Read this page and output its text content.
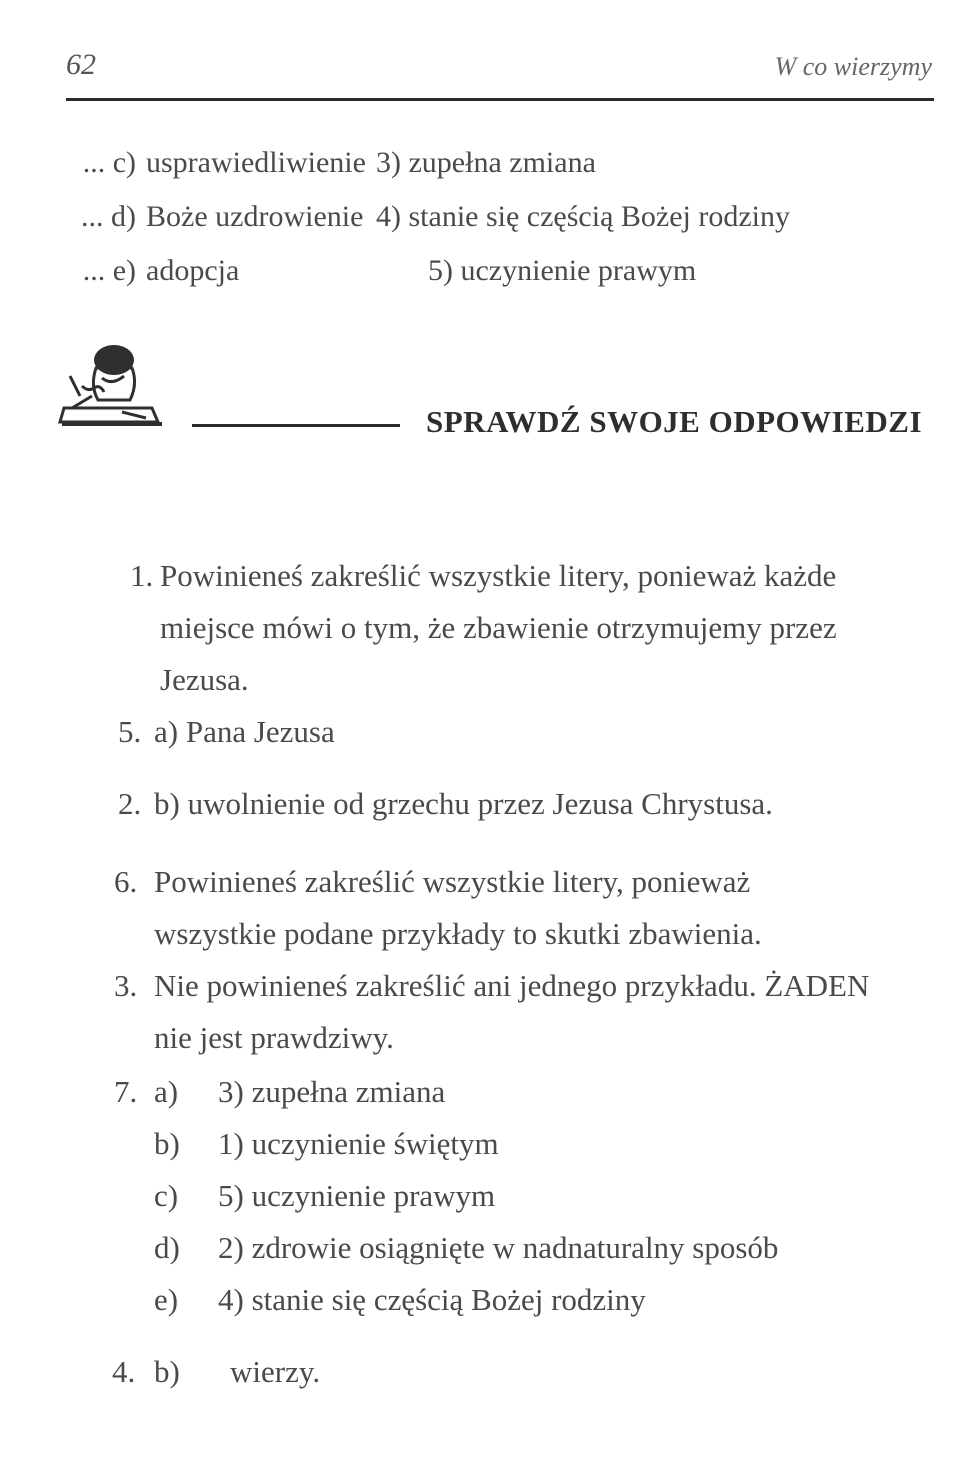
62	W co wierzymy
... c) usprawiedliwienie 3) zupełna zmiana
... d) Boże uzdrowienie 4) stanie się częścią Bożej rodziny
... e) adopcja	5) uczynienie prawym
SPRAWDŹ SWOJE ODPOWIEDZI
1. Powinieneś zakreślić wszystkie litery, ponieważ każde
miejsce mówi o tym, że zbawienie otrzymujemy przez
Jezusa.
5. a) Pana Jezusa
2. b) uwolnienie od grzechu przez Jezusa Chrystusa.
6. Powinieneś zakreślić wszystkie litery, ponieważ
wszystkie podane przykłady to skutki zbawienia.
3. Nie powinieneś zakreślić ani jednego przykładu. ŻADEN
nie jest prawdziwy.
7. a) 3) zupełna zmiana
b) 1) uczynienie świętym
c) 5) uczynienie prawym
d) 2) zdrowie osiągnięte w nadnaturalny sposób
e) 4) stanie się częścią Bożej rodziny
4. b) wierzy.
